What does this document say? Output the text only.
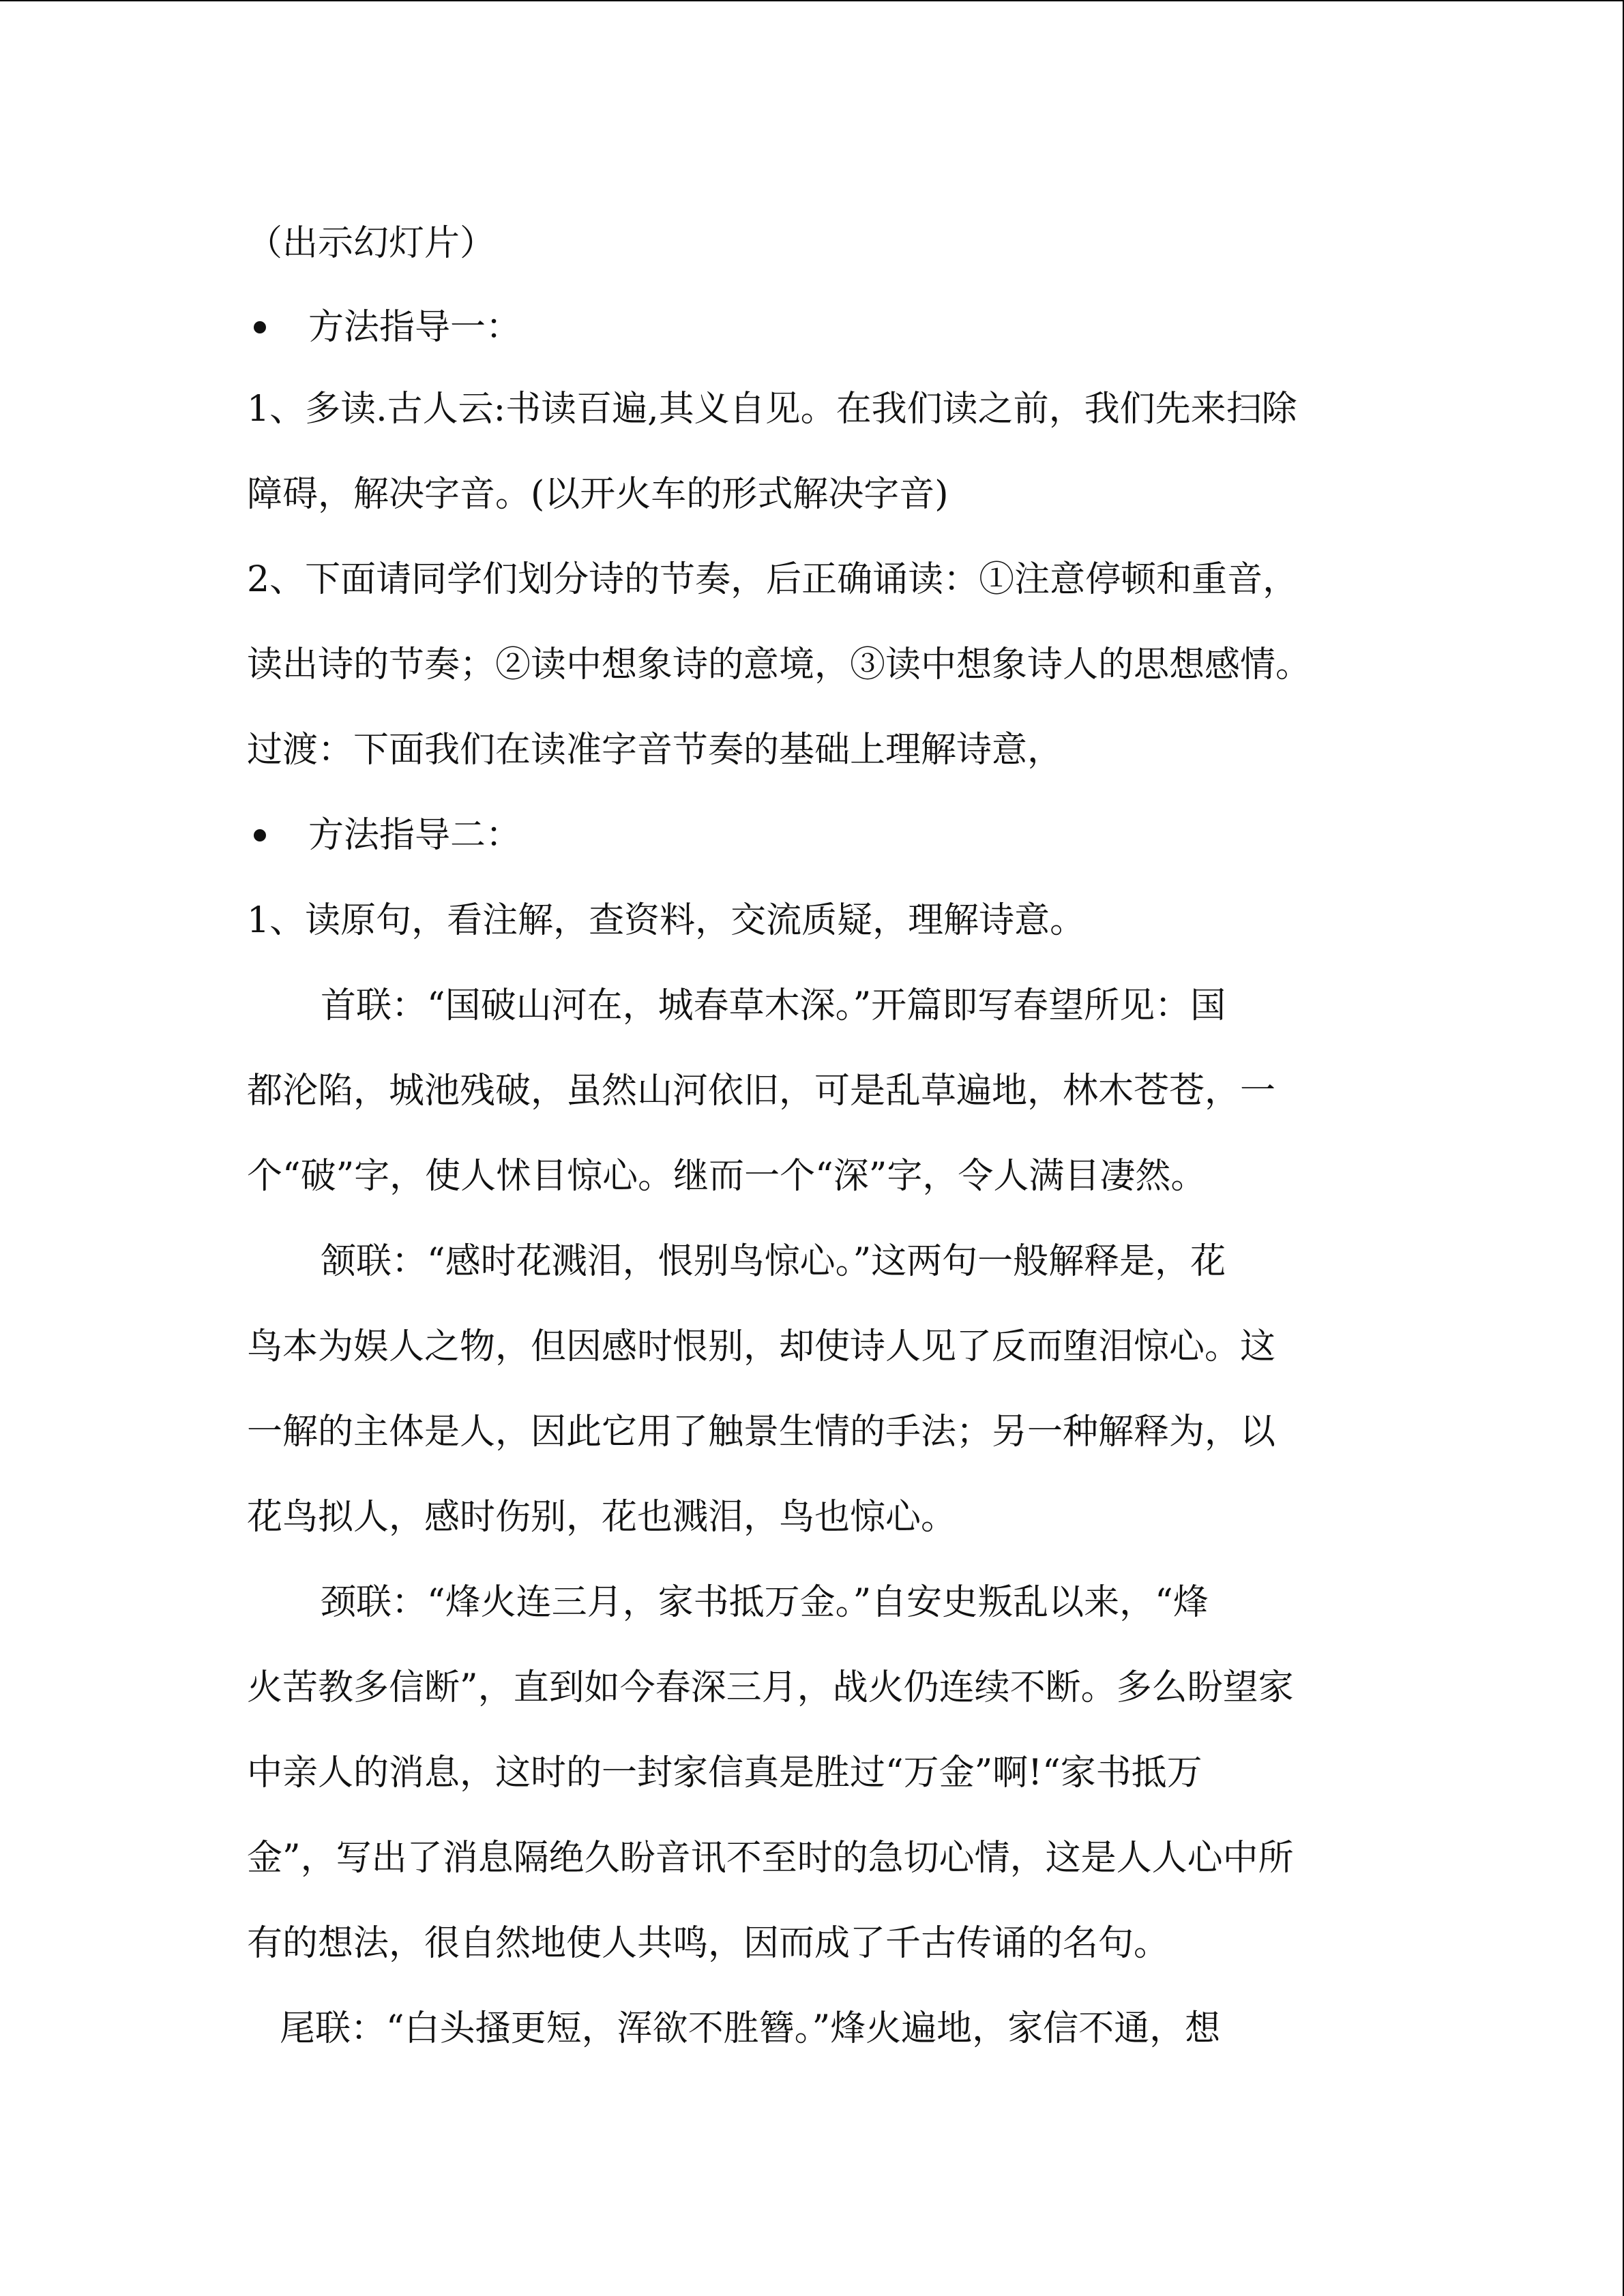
（出示幻灯片）
方法指导一：
1、多读.古人云:书读百遍,其义自见。在我们读之前，我们先来扫除
障碍，解决字音。(以开火车的形式解决字音)
2、下面请同学们划分诗的节奏，后正确诵读：①注意停顿和重音，
读出诗的节奏；②读中想象诗的意境，③读中想象诗人的思想感情。
过渡：下面我们在读准字音节奏的基础上理解诗意，
方法指导二：
1、读原句，看注解，查资料，交流质疑，理解诗意。
首联：“国破山河在，城春草木深。”开篇即写春望所见：国
都沦陷，城池残破，虽然山河依旧，可是乱草遍地，林木苍苍，一
个“破”字，使人怵目惊心。继而一个“深”字，令人满目凄然。
颔联：“感时花溅泪，恨别鸟惊心。”这两句一般解释是，花
鸟本为娱人之物，但因感时恨别，却使诗人见了反而堕泪惊心。这
一解的主体是人，因此它用了触景生情的手法；另一种解释为，以
花鸟拟人，感时伤别，花也溅泪，鸟也惊心。
颈联：“烽火连三月，家书抵万金。”自安史叛乱以来，“烽
火苦教多信断”，直到如今春深三月，战火仍连续不断。多么盼望家
中亲人的消息，这时的一封家信真是胜过“万金”啊!“家书抵万
金”，写出了消息隔绝久盼音讯不至时的急切心情，这是人人心中所
有的想法，很自然地使人共鸣，因而成了千古传诵的名句。
尾联：“白头搔更短，浑欲不胜簪。”烽火遍地，家信不通，想
